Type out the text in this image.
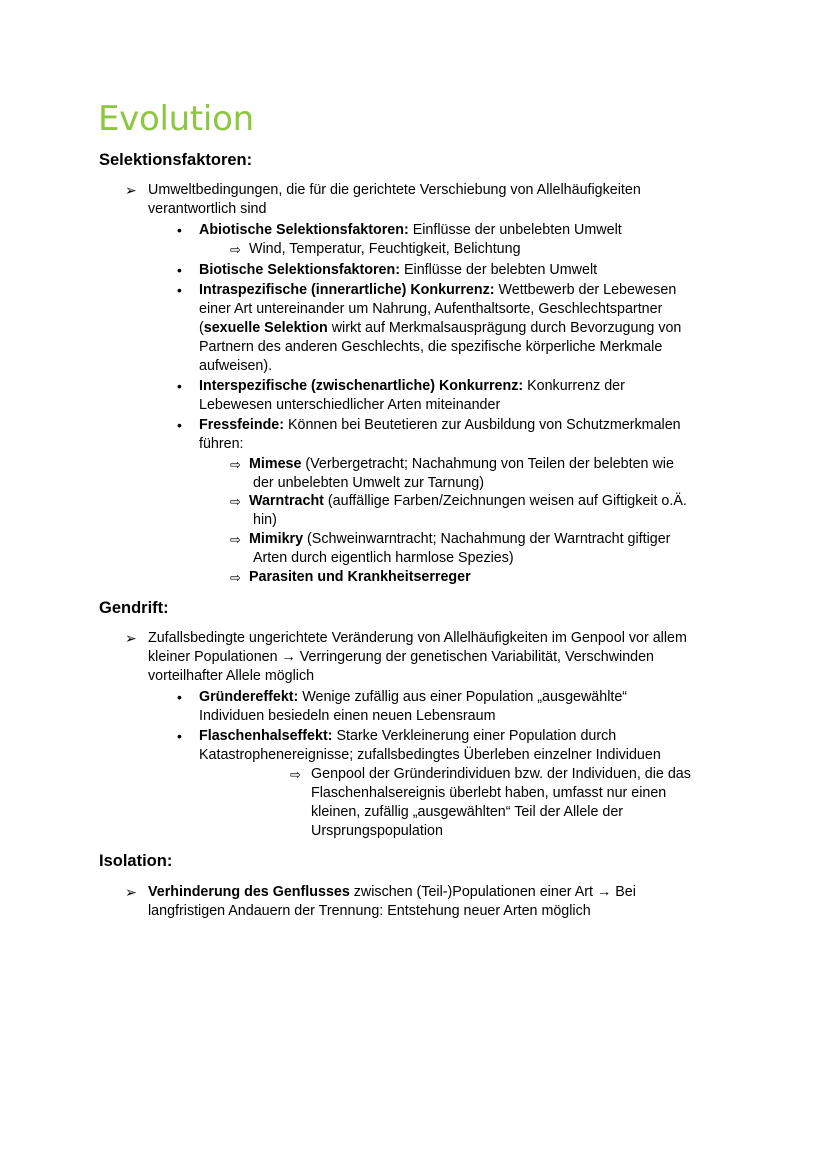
Evolution
Selektionsfaktoren:
➢ Umweltbedingungen, die für die gerichtete Verschiebung von Allelhäufigkeiten
verantwortlich sind
• Abiotische Selektionsfaktoren: Einflüsse der unbelebten Umwelt
⇨ Wind, Temperatur, Feuchtigkeit, Belichtung
• Biotische Selektionsfaktoren: Einflüsse der belebten Umwelt
• Intraspezifische (innerartliche) Konkurrenz: Wettbewerb der Lebewesen
einer Art untereinander um Nahrung, Aufenthaltsorte, Geschlechtspartner
(sexuelle Selektion wirkt auf Merkmalsausprägung durch Bevorzugung von
Partnern des anderen Geschlechts, die spezifische körperliche Merkmale
aufweisen).
• Interspezifische (zwischenartliche) Konkurrenz: Konkurrenz der
Lebewesen unterschiedlicher Arten miteinander
• Fressfeinde: Können bei Beutetieren zur Ausbildung von Schutzmerkmalen
führen:
⇨ Mimese (Verbergetracht; Nachahmung von Teilen der belebten wie
der unbelebten Umwelt zur Tarnung)
⇨ Warntracht (auffällige Farben/Zeichnungen weisen auf Giftigkeit o.Ä.
hin)
⇨ Mimikry (Schweinwarntracht; Nachahmung der Warntracht giftiger
Arten durch eigentlich harmlose Spezies)
⇨ Parasiten und Krankheitserreger
Gendrift:
➢ Zufallsbedingte ungerichtete Veränderung von Allelhäufigkeiten im Genpool vor allem
kleiner Populationen → Verringerung der genetischen Variabilität, Verschwinden
vorteilhafter Allele möglich
• Gründereffekt: Wenige zufällig aus einer Population „ausgewählte“
Individuen besiedeln einen neuen Lebensraum
• Flaschenhalseffekt: Starke Verkleinerung einer Population durch
Katastrophenereignisse; zufallsbedingtes Überleben einzelner Individuen
⇨ Genpool der Gründerindividuen bzw. der Individuen, die das
Flaschenhalsereignis überlebt haben, umfasst nur einen
kleinen, zufällig „ausgewählten“ Teil der Allele der
Ursprungspopulation
Isolation:
➢ Verhinderung des Genflusses zwischen (Teil-)Populationen einer Art → Bei
langfristigen Andauern der Trennung: Entstehung neuer Arten möglich
